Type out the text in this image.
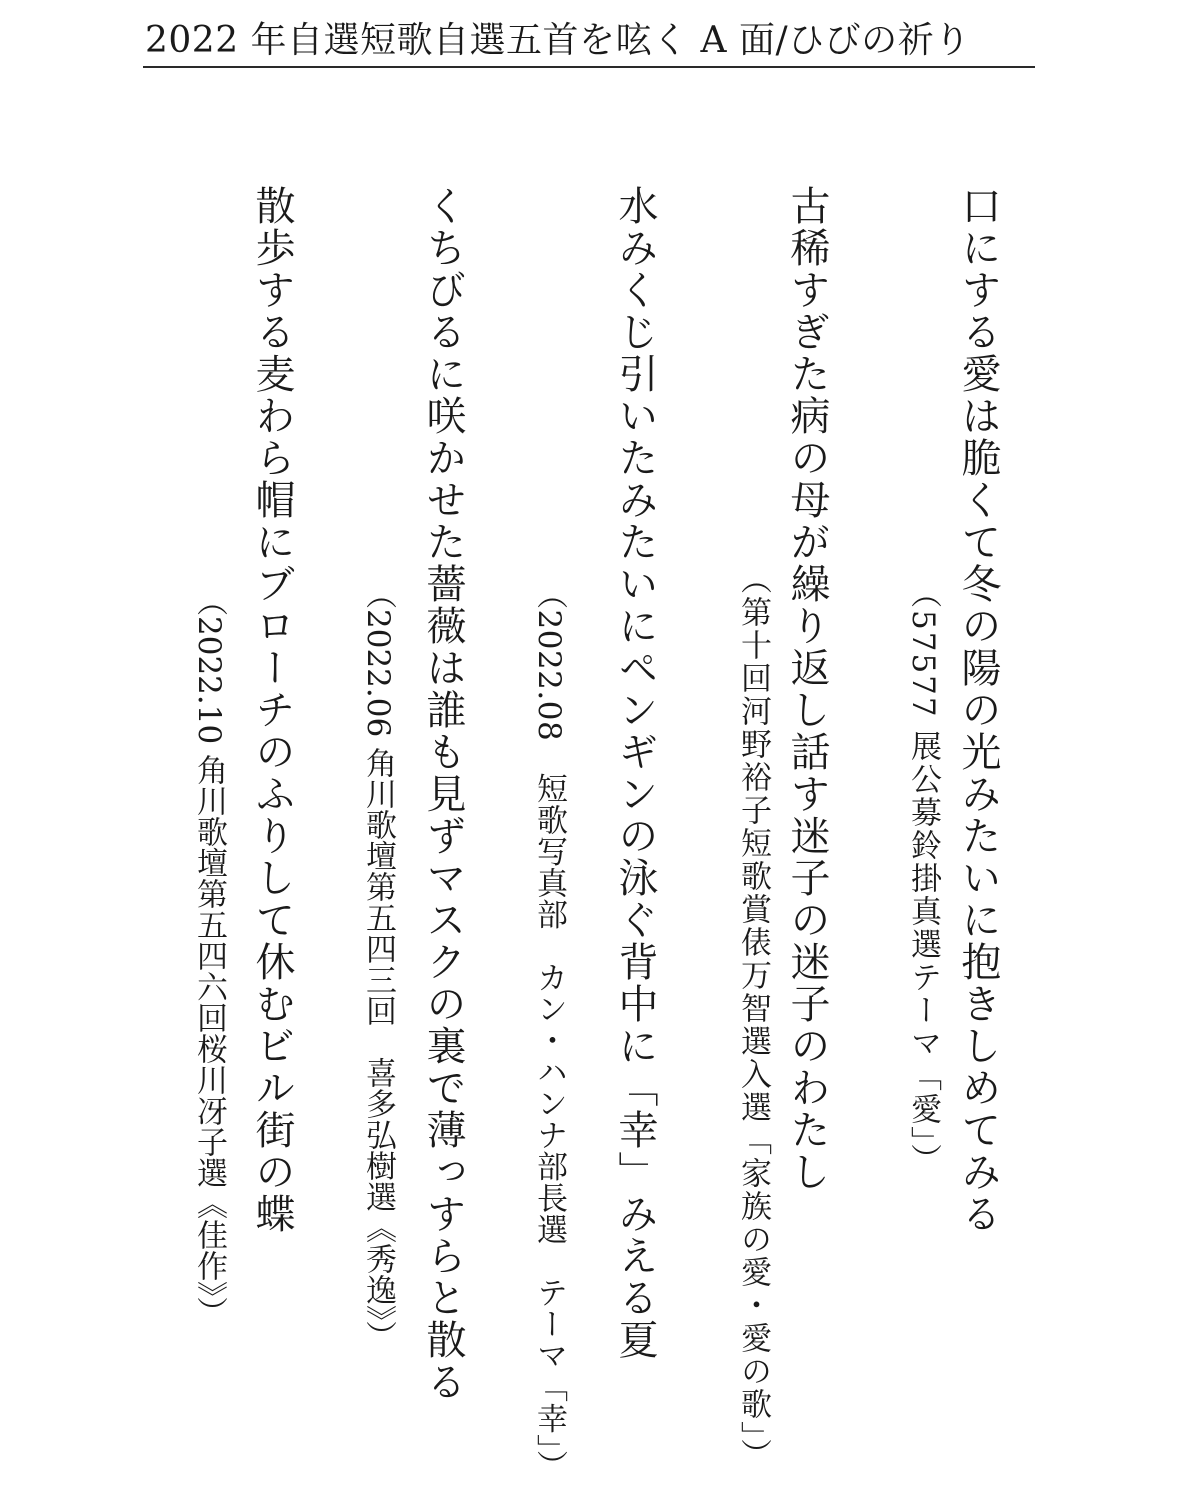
2022 年自選短歌自選五首を呟く A 面/ひびの祈り
口にする愛は脆くて冬の陽の光みたいに抱きしめてみる
（57577 展公募鈴掛真選テーマ「愛」）
古稀すぎた病の母が繰り返し話す迷子の迷子のわたし
（第十回河野裕子短歌賞俵万智選入選「家族の愛・愛の歌」）
水みくじ引いたみたいにペンギンの泳ぐ背中に「幸」みえる夏
（2022.08　短歌写真部　カン・ハンナ部長選　テーマ「幸」）
くちびるに咲かせた薔薇は誰も見ずマスクの裏で薄っすらと散る
（2022.06 角川歌壇第五四三回　喜多弘樹選《秀逸》）
散歩する麦わら帽にブローチのふりして休むビル街の蝶
（2022.10 角川歌壇第五四六回桜川冴子選《佳作》）
